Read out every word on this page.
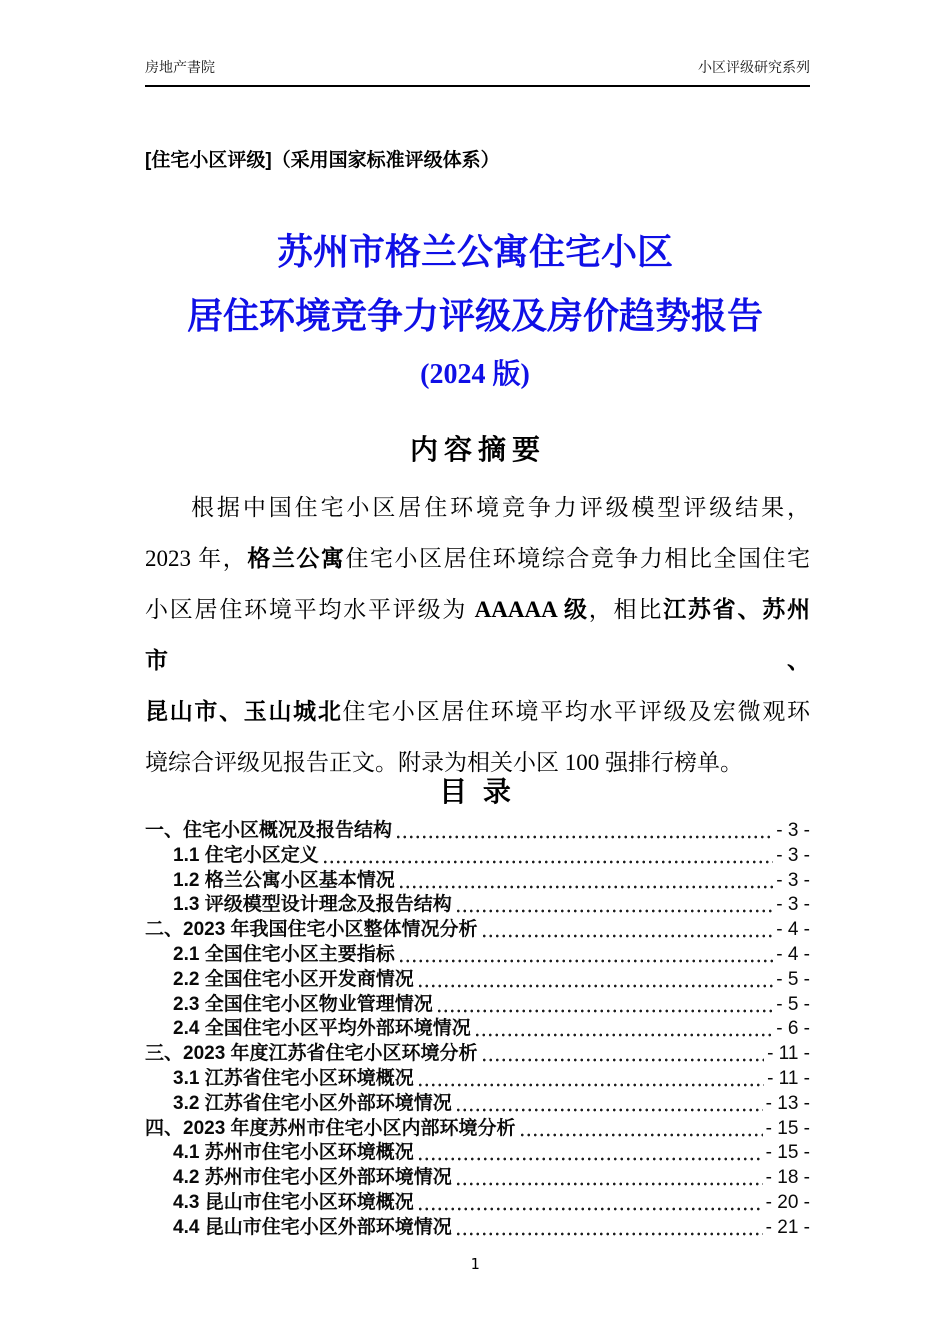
房地产書院	小区评级研究系列
[住宅小区评级]（采用国家标准评级体系）
苏州市格兰公寓住宅小区
居住环境竞争力评级及房价趋势报告
(2024 版)
内容摘要
根据中国住宅小区居住环境竞争力评级模型评级结果，
2023 年，格兰公寓住宅小区居住环境综合竞争力相比全国住宅
小区居住环境平均水平评级为 AAAAA 级，相比江苏省、苏州市、
昆山市、玉山城北住宅小区居住环境平均水平评级及宏微观环
境综合评级见报告正文。附录为相关小区 100 强排行榜单。
目 录
一、住宅小区概况及报告结构	- 3 -
1.1 住宅小区定义	- 3 -
1.2 格兰公寓小区基本情况	- 3 -
1.3 评级模型设计理念及报告结构	- 3 -
二、2023 年我国住宅小区整体情况分析	- 4 -
2.1 全国住宅小区主要指标	- 4 -
2.2 全国住宅小区开发商情况	- 5 -
2.3 全国住宅小区物业管理情况	- 5 -
2.4 全国住宅小区平均外部环境情况	- 6 -
三、2023 年度江苏省住宅小区环境分析	- 11 -
3.1 江苏省住宅小区环境概况	- 11 -
3.2 江苏省住宅小区外部环境情况	- 13 -
四、2023 年度苏州市住宅小区内部环境分析	- 15 -
4.1 苏州市住宅小区环境概况	- 15 -
4.2 苏州市住宅小区外部环境情况	- 18 -
4.3 昆山市住宅小区环境概况	- 20 -
4.4 昆山市住宅小区外部环境情况	- 21 -
1
